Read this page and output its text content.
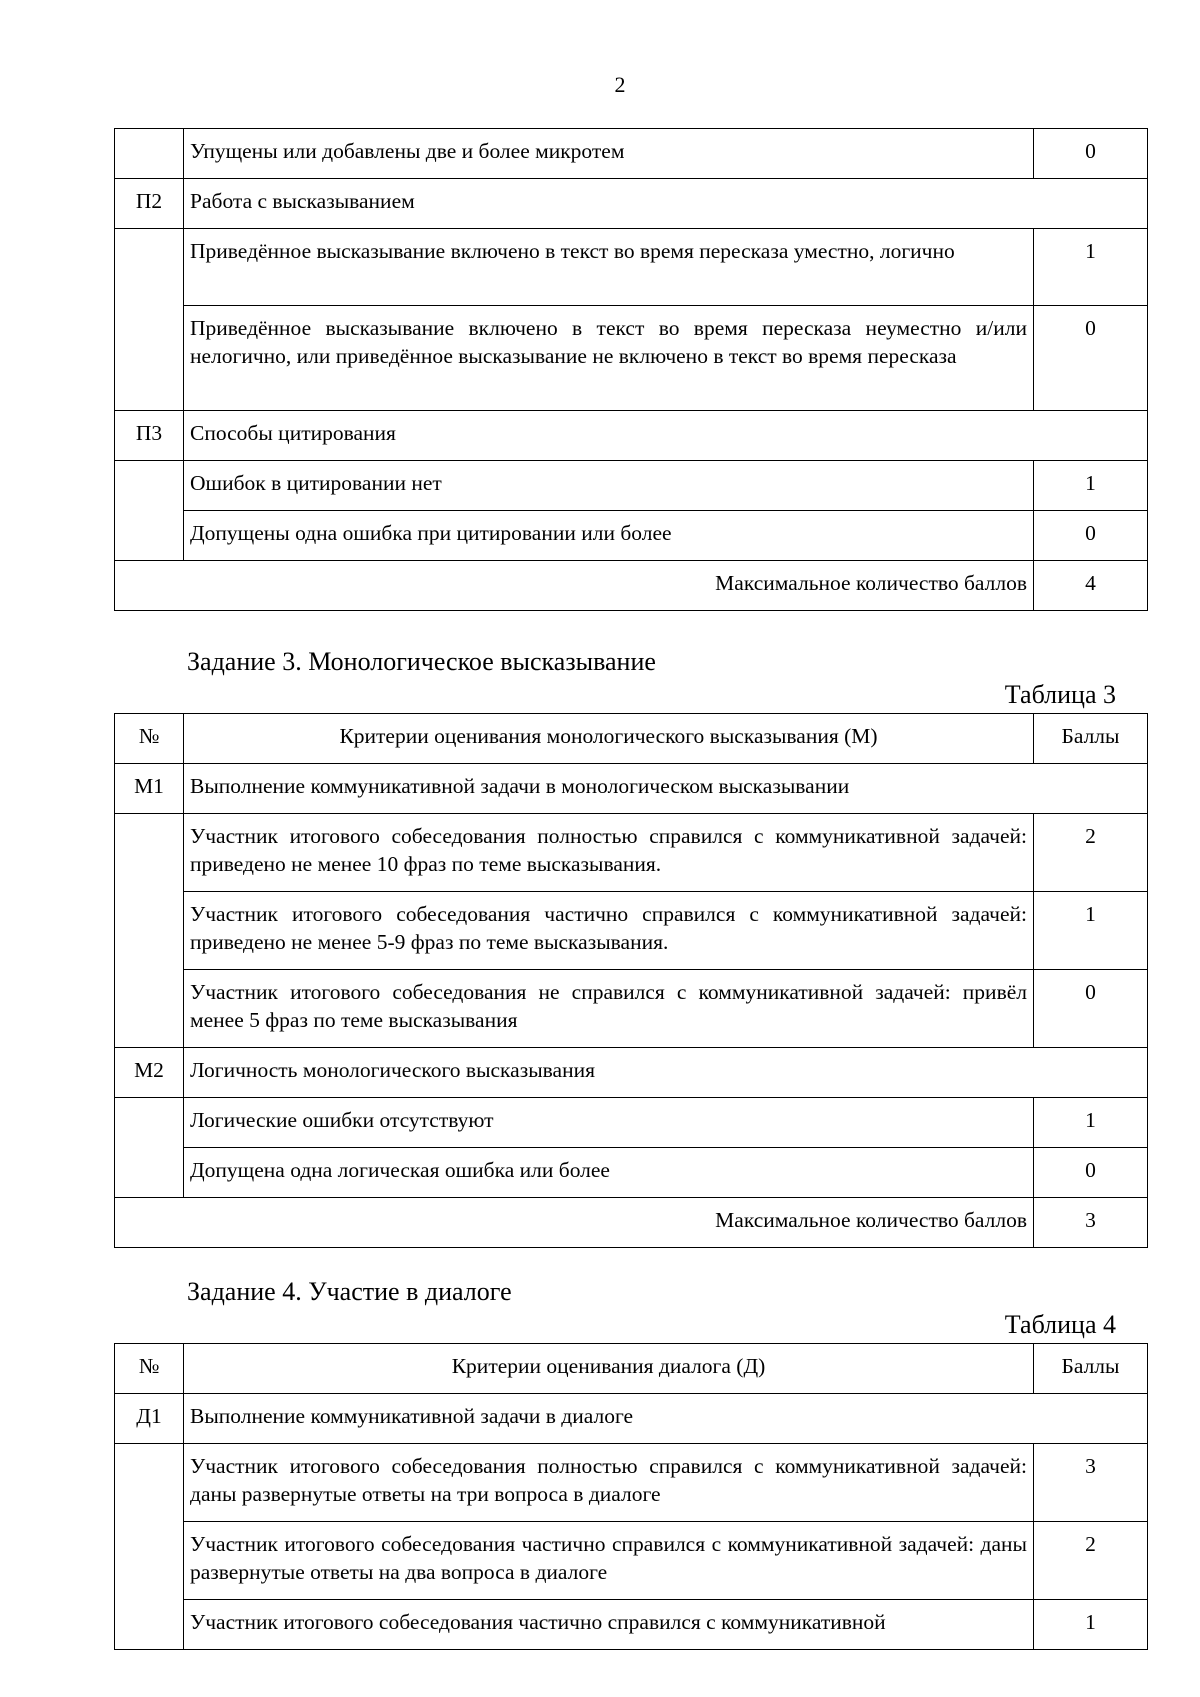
2
	Упущены или добавлены две и более микротем	0
П2	Работа с высказыванием	
	Приведённое высказывание включено в текст во время пересказа уместно, логично	1
	Приведённое высказывание включено в текст во время пересказа неуместно и/или нелогично, или приведённое высказывание не включено в текст во время пересказа	0
П3	Способы цитирования	
	Ошибок в цитировании нет	1
	Допущены одна ошибка при цитировании или более	0
Максимальное количество баллов		4
Задание 3. Монологическое высказывание
Таблица 3
№	Критерии оценивания монологического высказывания (М)	Баллы
М1	Выполнение коммуникативной задачи в монологическом высказывании	
	Участник итогового собеседования полностью справился с коммуникативной задачей: приведено не менее 10 фраз по теме высказывания.	2
	Участник итогового собеседования частично справился с коммуникативной задачей: приведено не менее 5-9 фраз по теме высказывания.	1
	Участник итогового собеседования не справился с коммуникативной задачей: привёл менее 5 фраз по теме высказывания	0
М2	Логичность монологического высказывания	
	Логические ошибки отсутствуют	1
	Допущена одна логическая ошибка или более	0
Максимальное количество баллов		3
Задание 4. Участие в диалоге
Таблица 4
№	Критерии оценивания диалога (Д)	Баллы
Д1	Выполнение коммуникативной задачи в диалоге	
	Участник итогового собеседования полностью справился с коммуникативной задачей: даны развернутые ответы на три вопроса в диалоге	3
	Участник итогового собеседования частично справился с коммуникативной задачей: даны развернутые ответы на два вопроса в диалоге	2
	Участник итогового собеседования частично справился с коммуникативной	1
